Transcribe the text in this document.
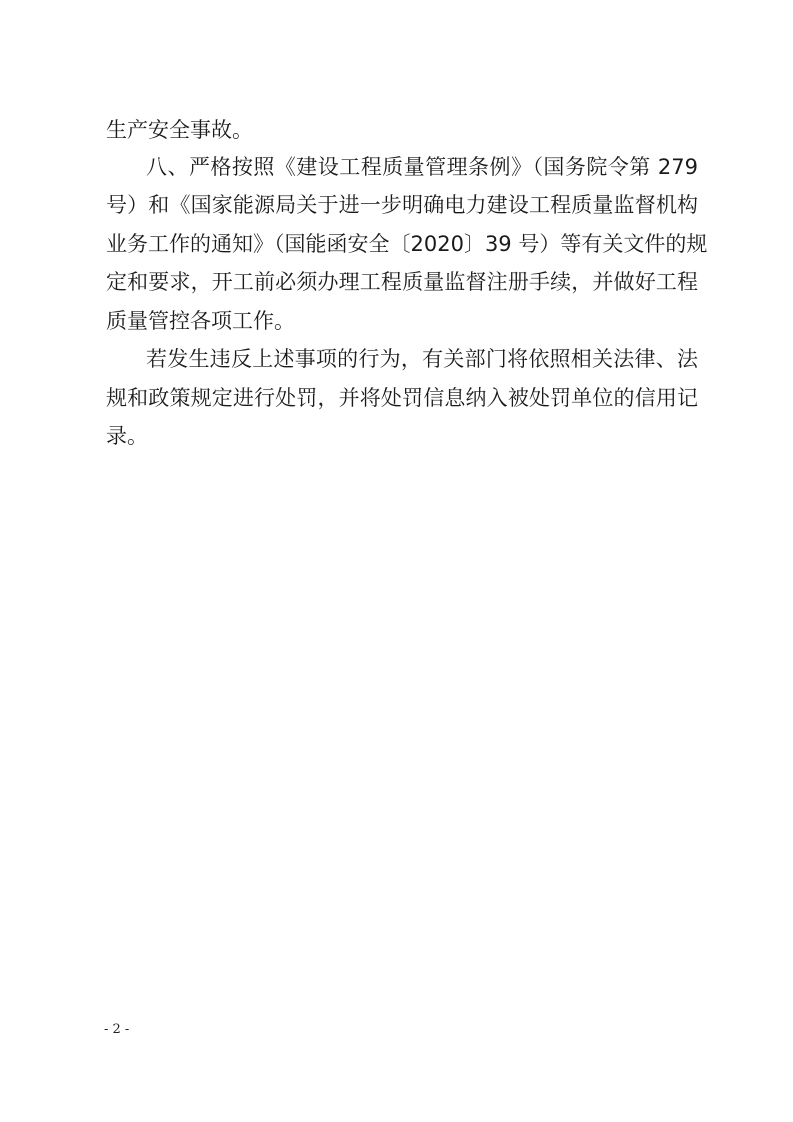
生产安全事故。
八、严格按照《建设工程质量管理条例》（国务院令第 279
号）和《国家能源局关于进一步明确电力建设工程质量监督机构
业务工作的通知》（国能函安全〔2020〕39 号）等有关文件的规
定和要求，开工前必须办理工程质量监督注册手续，并做好工程
质量管控各项工作。
若发生违反上述事项的行为，有关部门将依照相关法律、法
规和政策规定进行处罚，并将处罚信息纳入被处罚单位的信用记
录。
- 2 -
